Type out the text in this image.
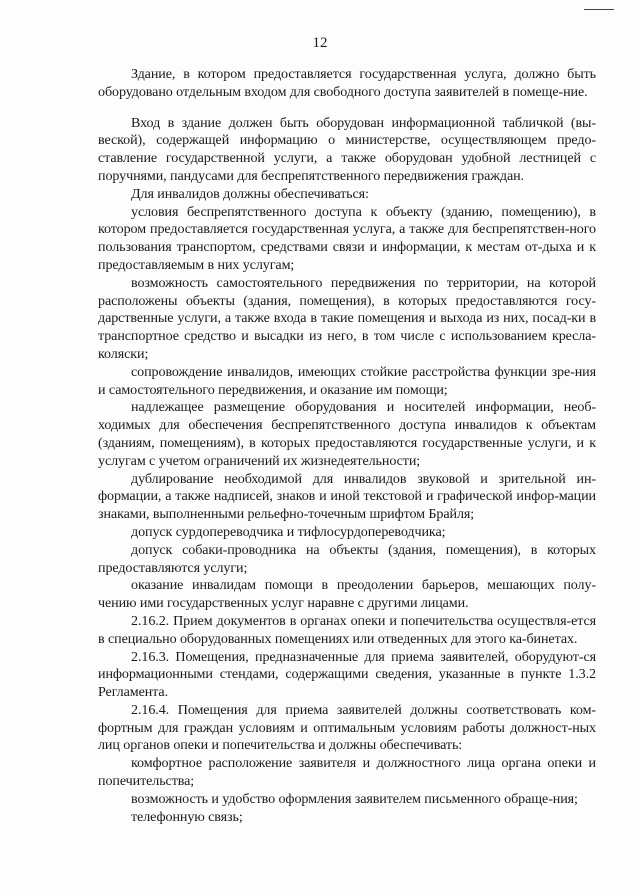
12

Здание, в котором предоставляется государственная услуга, должно быть оборудовано отдельным входом для свободного доступа заявителей в помеще-ние.

Вход в здание должен быть оборудован информационной табличкой (вы-веской), содержащей информацию о министерстве, осуществляющем предо-ставление государственной услуги, а также оборудован удобной лестницей с поручнями, пандусами для беспрепятственного передвижения граждан.

Для инвалидов должны обеспечиваться:

условия беспрепятственного доступа к объекту (зданию, помещению), в котором предоставляется государственная услуга, а также для беспрепятствен-ного пользования транспортом, средствами связи и информации, к местам от-дыха и к предоставляемым в них услугам;

возможность самостоятельного передвижения по территории, на которой расположены объекты (здания, помещения), в которых предоставляются госу-дарственные услуги, а также входа в такие помещения и выхода из них, посад-ки в транспортное средство и высадки из него, в том числе с использованием кресла-коляски;

сопровождение инвалидов, имеющих стойкие расстройства функции зре-ния и самостоятельного передвижения, и оказание им помощи;

надлежащее размещение оборудования и носителей информации, необ-ходимых для обеспечения беспрепятственного доступа инвалидов к объектам (зданиям, помещениям), в которых предоставляются государственные услуги, и к услугам с учетом ограничений их жизнедеятельности;

дублирование необходимой для инвалидов звуковой и зрительной ин-формации, а также надписей, знаков и иной текстовой и графической инфор-мации знаками, выполненными рельефно-точечным шрифтом Брайля;

допуск сурдопереводчика и тифлосурдопереводчика;

допуск собаки-проводника на объекты (здания, помещения), в которых предоставляются услуги;

оказание инвалидам помощи в преодолении барьеров, мешающих полу-чению ими государственных услуг наравне с другими лицами.

2.16.2. Прием документов в органах опеки и попечительства осуществля-ется в специально оборудованных помещениях или отведенных для этого ка-бинетах.

2.16.3. Помещения, предназначенные для приема заявителей, оборудуют-ся информационными стендами, содержащими сведения, указанные в пункте 1.3.2 Регламента.

2.16.4. Помещения для приема заявителей должны соответствовать ком-фортным для граждан условиям и оптимальным условиям работы должност-ных лиц органов опеки и попечительства и должны обеспечивать:

комфортное расположение заявителя и должностного лица органа опеки и попечительства;

возможность и удобство оформления заявителем письменного обраще-ния;

телефонную связь;
